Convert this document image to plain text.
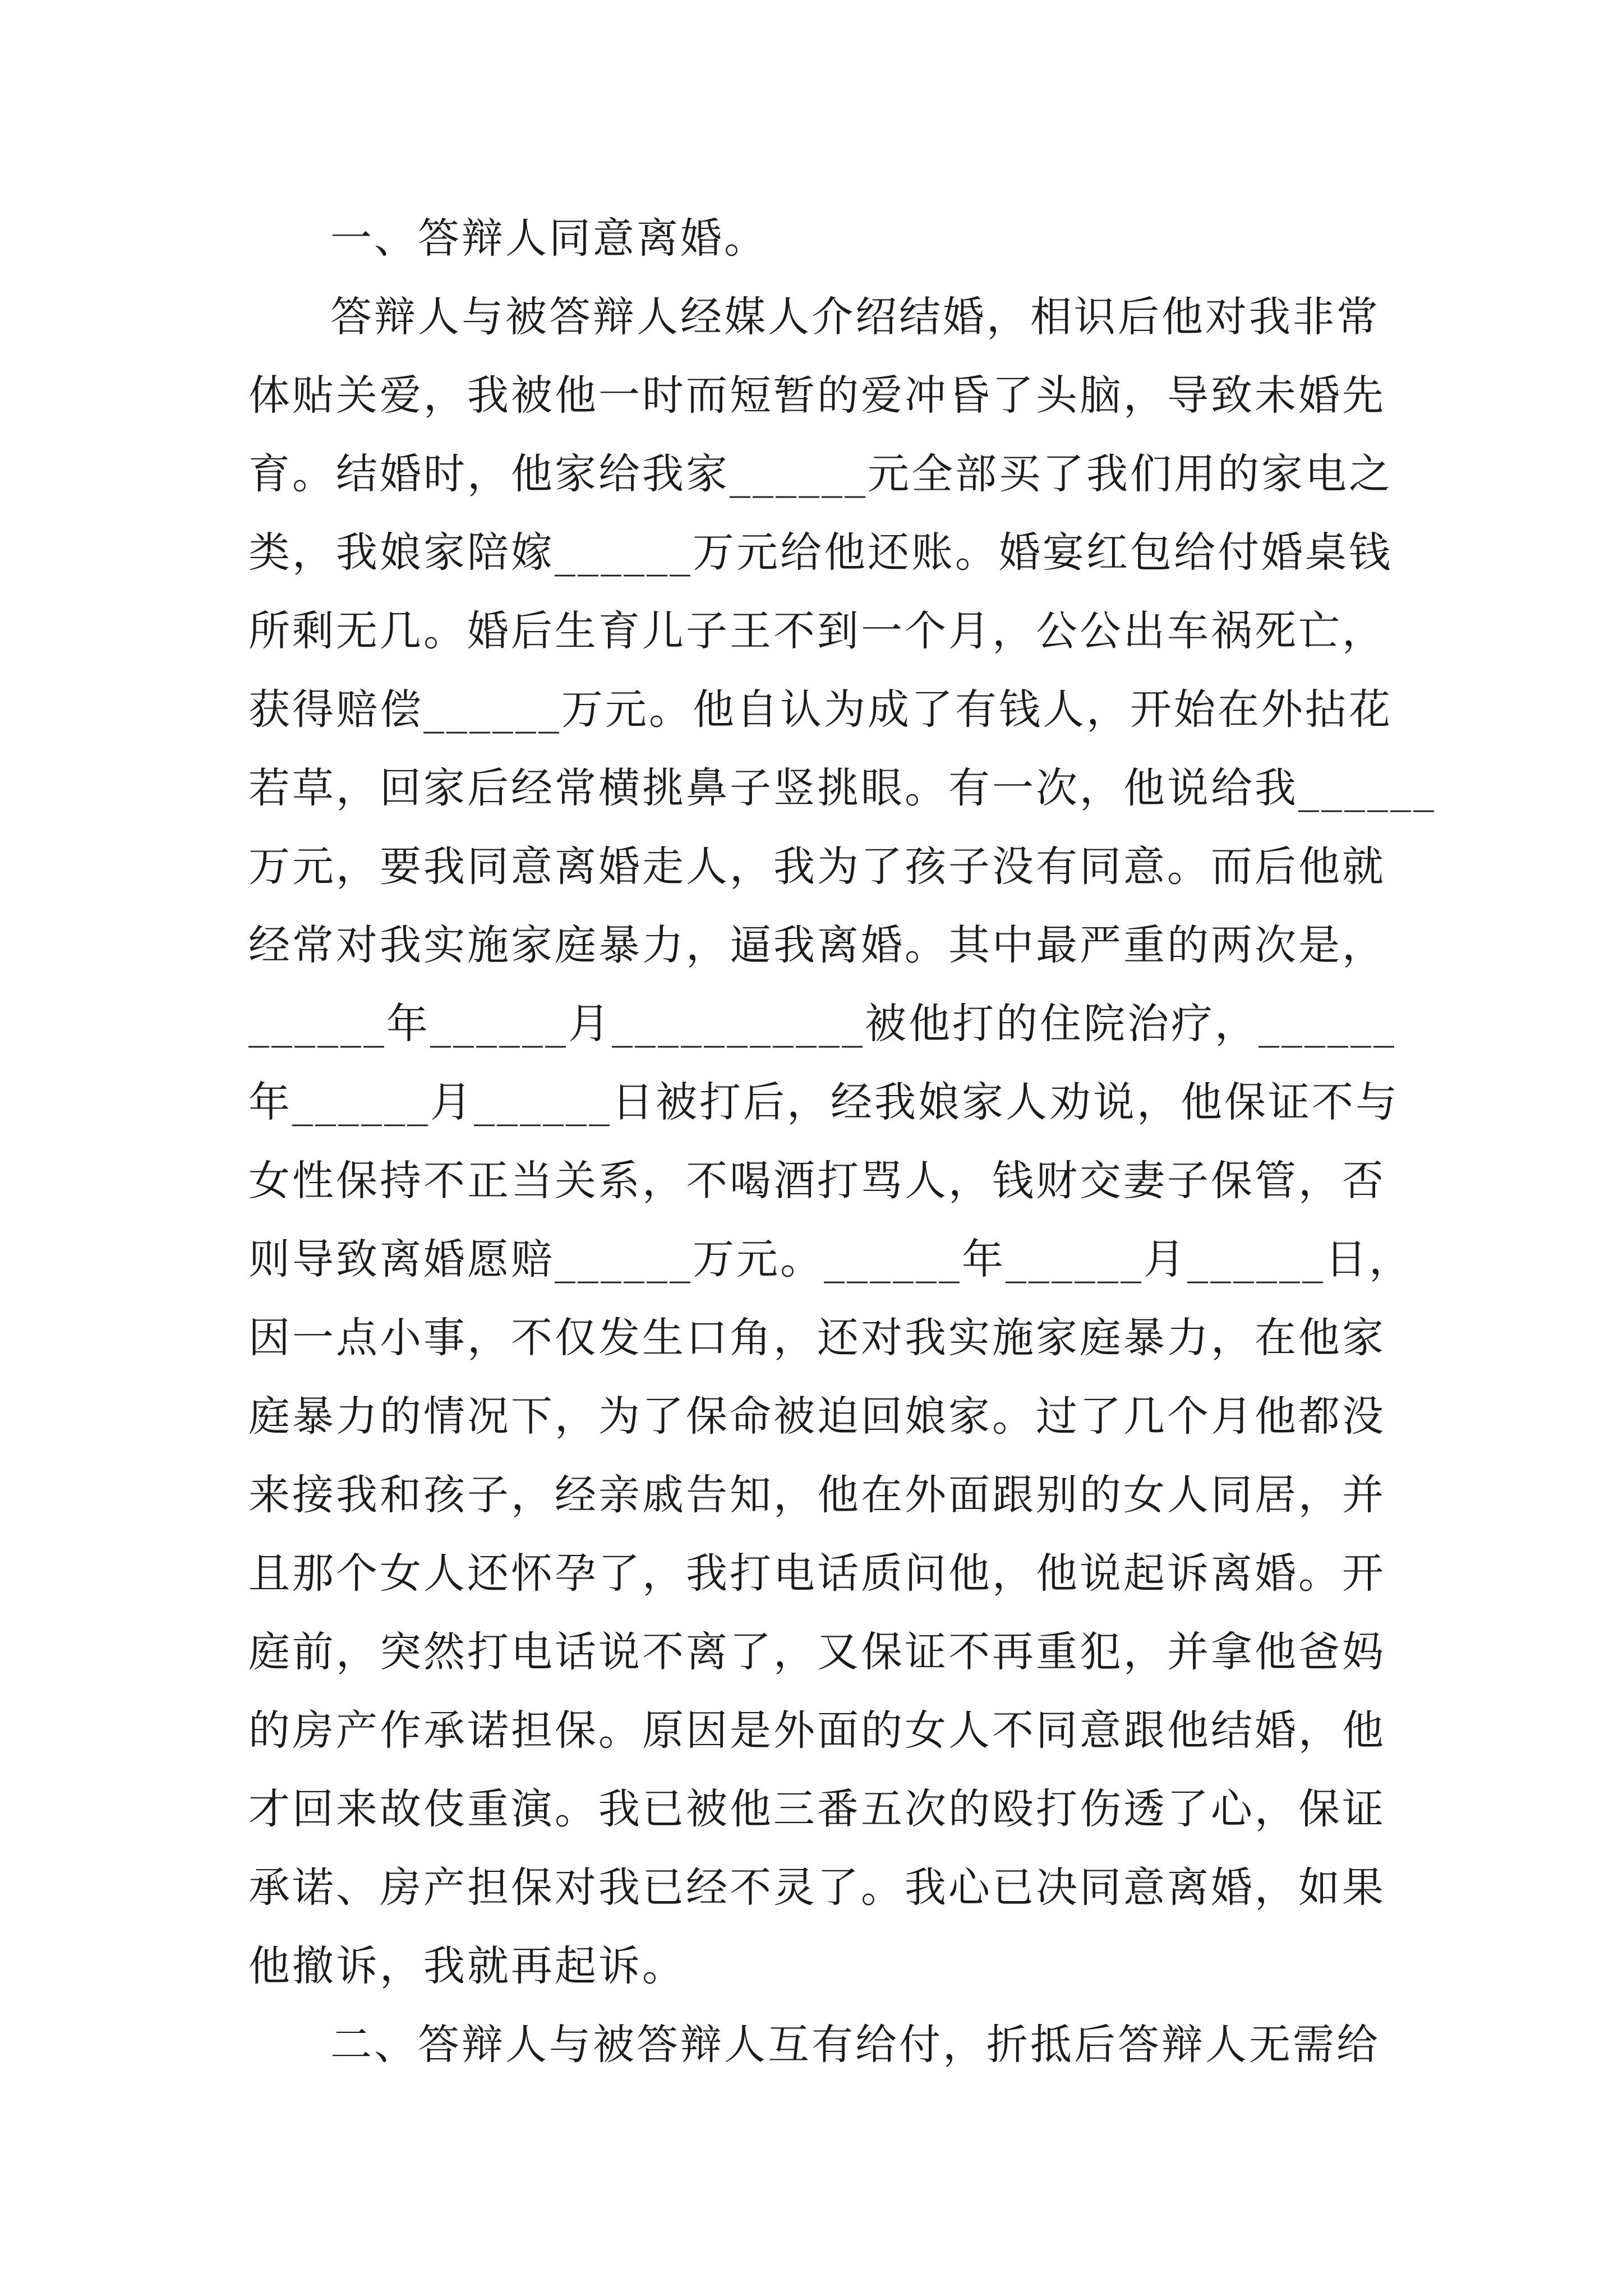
一、答辩人同意离婚。
答辩人与被答辩人经媒人介绍结婚，相识后他对我非常
体贴关爱，我被他一时而短暂的爱冲昏了头脑，导致未婚先
育。结婚时，他家给我家______元全部买了我们用的家电之
类，我娘家陪嫁______万元给他还账。婚宴红包给付婚桌钱
所剩无几。婚后生育儿子王不到一个月，公公出车祸死亡，
获得赔偿______万元。他自认为成了有钱人，开始在外拈花
若草，回家后经常横挑鼻子竖挑眼。有一次，他说给我______
万元，要我同意离婚走人，我为了孩子没有同意。而后他就
经常对我实施家庭暴力，逼我离婚。其中最严重的两次是，
______年______月___________被他打的住院治疗，______
年______月______日被打后，经我娘家人劝说，他保证不与
女性保持不正当关系，不喝酒打骂人，钱财交妻子保管，否
则导致离婚愿赔______万元。______年______月______日，
因一点小事，不仅发生口角，还对我实施家庭暴力，在他家
庭暴力的情况下，为了保命被迫回娘家。过了几个月他都没
来接我和孩子，经亲戚告知，他在外面跟别的女人同居，并
且那个女人还怀孕了，我打电话质问他，他说起诉离婚。开
庭前，突然打电话说不离了，又保证不再重犯，并拿他爸妈
的房产作承诺担保。原因是外面的女人不同意跟他结婚，他
才回来故伎重演。我已被他三番五次的殴打伤透了心，保证
承诺、房产担保对我已经不灵了。我心已决同意离婚，如果
他撤诉，我就再起诉。
二、答辩人与被答辩人互有给付，折抵后答辩人无需给
